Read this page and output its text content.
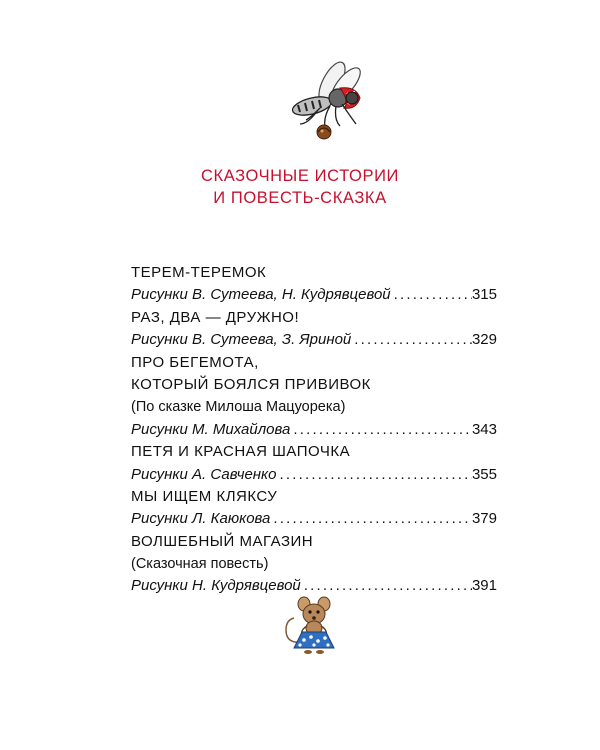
СКАЗОЧНЫЕ ИСТОРИИ
И ПОВЕСТЬ-СКАЗКА
ТЕРЕМ-ТЕРЕМОК
Рисунки В. Сутеева, Н. Кудрявцевой .....	315
РАЗ, ДВА — ДРУЖНО!
Рисунки В. Сутеева, З. Яриной .....	329
ПРО БЕГЕМОТА,
КОТОРЫЙ БОЯЛСЯ ПРИВИВОК
(По сказке Милоша Мацуорека)
Рисунки М. Михайлова .....	343
ПЕТЯ И КРАСНАЯ ШАПОЧКА
Рисунки А. Савченко .....	355
МЫ ИЩЕМ КЛЯКСУ
Рисунки Л. Каюкова .....	379
ВОЛШЕБНЫЙ МАГАЗИН
(Сказочная повесть)
Рисунки Н. Кудрявцевой .....	391
